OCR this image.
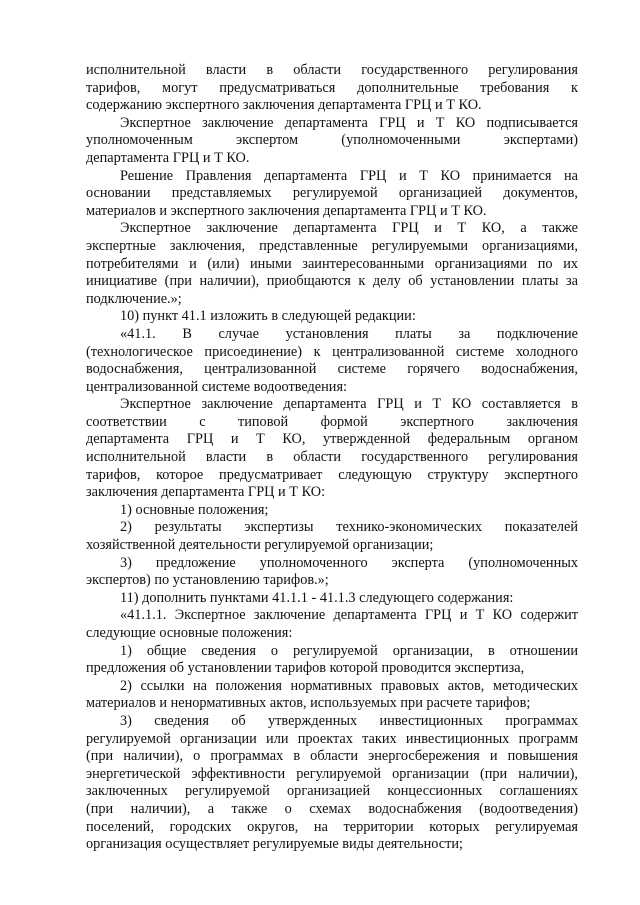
исполнительной власти в области государственного регулирования
тарифов, могут предусматриваться дополнительные требования к
содержанию экспертного заключения департамента ГРЦ и Т КО.
Экспертное заключение департамента ГРЦ и Т КО подписывается
уполномоченным экспертом (уполномоченными экспертами)
департамента ГРЦ и Т КО.
Решение Правления департамента ГРЦ и Т КО принимается на
основании представляемых регулируемой организацией документов,
материалов и экспертного заключения департамента ГРЦ и Т КО.
Экспертное заключение департамента ГРЦ и Т КО, а также
экспертные заключения, представленные регулируемыми организациями,
потребителями и (или) иными заинтересованными организациями по их
инициативе (при наличии), приобщаются к делу об установлении платы за
подключение.»;
10) пункт 41.1 изложить в следующей редакции:
«41.1. В случае установления платы за подключение
(технологическое присоединение) к централизованной системе холодного
водоснабжения, централизованной системе горячего водоснабжения,
централизованной системе водоотведения:
Экспертное заключение департамента ГРЦ и Т КО составляется в
соответствии с типовой формой экспертного заключения
департамента ГРЦ и Т КО, утвержденной федеральным органом
исполнительной власти в области государственного регулирования
тарифов, которое предусматривает следующую структуру экспертного
заключения департамента ГРЦ и Т КО:
1) основные положения;
2) результаты экспертизы технико-экономических показателей
хозяйственной деятельности регулируемой организации;
3) предложение уполномоченного эксперта (уполномоченных
экспертов) по установлению тарифов.»;
11) дополнить пунктами 41.1.1 - 41.1.3 следующего содержания:
«41.1.1. Экспертное заключение департамента ГРЦ и Т КО содержит
следующие основные положения:
1) общие сведения о регулируемой организации, в отношении
предложения об установлении тарифов которой проводится экспертиза,
2) ссылки на положения нормативных правовых актов, методических
материалов и ненормативных актов, используемых при расчете тарифов;
3) сведения об утвержденных инвестиционных программах
регулируемой организации или проектах таких инвестиционных программ
(при наличии), о программах в области энергосбережения и повышения
энергетической эффективности регулируемой организации (при наличии),
заключенных регулируемой организацией концессионных соглашениях
(при наличии), а также о схемах водоснабжения (водоотведения)
поселений, городских округов, на территории которых регулируемая
организация осуществляет регулируемые виды деятельности;
